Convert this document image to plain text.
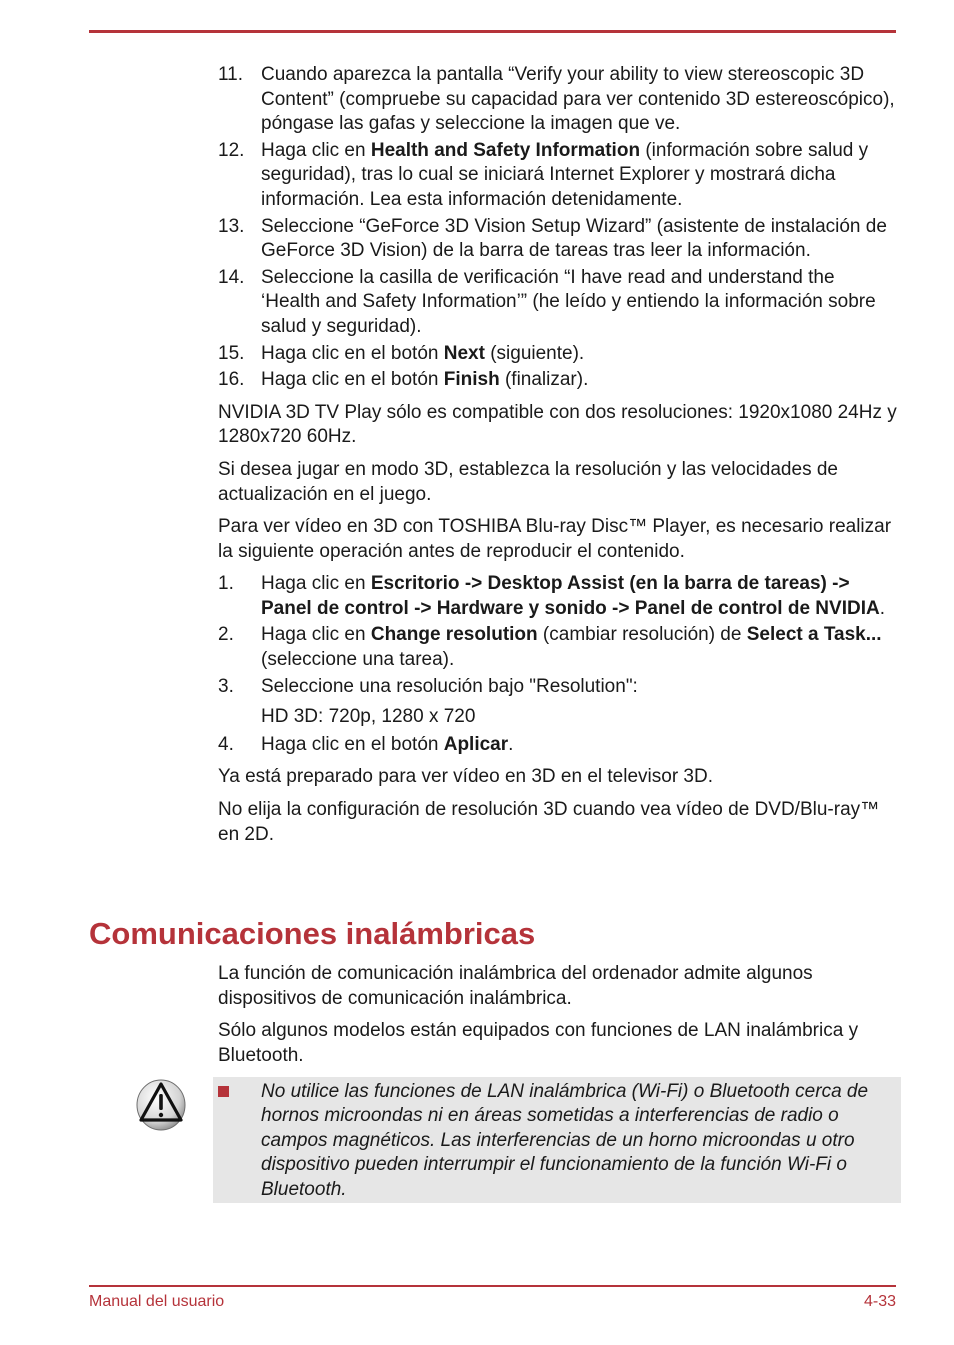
11. Cuando aparezca la pantalla “Verify your ability to view stereoscopic 3D Content” (compruebe su capacidad para ver contenido 3D estereoscópico), póngase las gafas y seleccione la imagen que ve.
12. Haga clic en Health and Safety Information (información sobre salud y seguridad), tras lo cual se iniciará Internet Explorer y mostrará dicha información. Lea esta información detenidamente.
13. Seleccione “GeForce 3D Vision Setup Wizard” (asistente de instalación de GeForce 3D Vision) de la barra de tareas tras leer la información.
14. Seleccione la casilla de verificación “I have read and understand the ‘Health and Safety Information’” (he leído y entiendo la información sobre salud y seguridad).
15. Haga clic en el botón Next (siguiente).
16. Haga clic en el botón Finish (finalizar).

NVIDIA 3D TV Play sólo es compatible con dos resoluciones: 1920x1080 24Hz y 1280x720 60Hz.

Si desea jugar en modo 3D, establezca la resolución y las velocidades de actualización en el juego.

Para ver vídeo en 3D con TOSHIBA Blu-ray Disc™ Player, es necesario realizar la siguiente operación antes de reproducir el contenido.

1.	Haga clic en Escritorio -> Desktop Assist (en la barra de tareas) -> Panel de control -> Hardware y sonido -> Panel de control de NVIDIA.
2.	Haga clic en Change resolution (cambiar resolución) de Select a Task... (seleccione una tarea).
3.	Seleccione una resolución bajo "Resolution":
HD 3D: 720p, 1280 x 720
4.	Haga clic en el botón Aplicar.

Ya está preparado para ver vídeo en 3D en el televisor 3D.

No elija la configuración de resolución 3D cuando vea vídeo de DVD/Blu-ray™ en 2D.

Comunicaciones inalámbricas

La función de comunicación inalámbrica del ordenador admite algunos dispositivos de comunicación inalámbrica.

Sólo algunos modelos están equipados con funciones de LAN inalámbrica y Bluetooth.

No utilice las funciones de LAN inalámbrica (Wi-Fi) o Bluetooth cerca de hornos microondas ni en áreas sometidas a interferencias de radio o campos magnéticos. Las interferencias de un horno microondas u otro dispositivo pueden interrumpir el funcionamiento de la función Wi-Fi o Bluetooth.
Manual del usuario	4-33
